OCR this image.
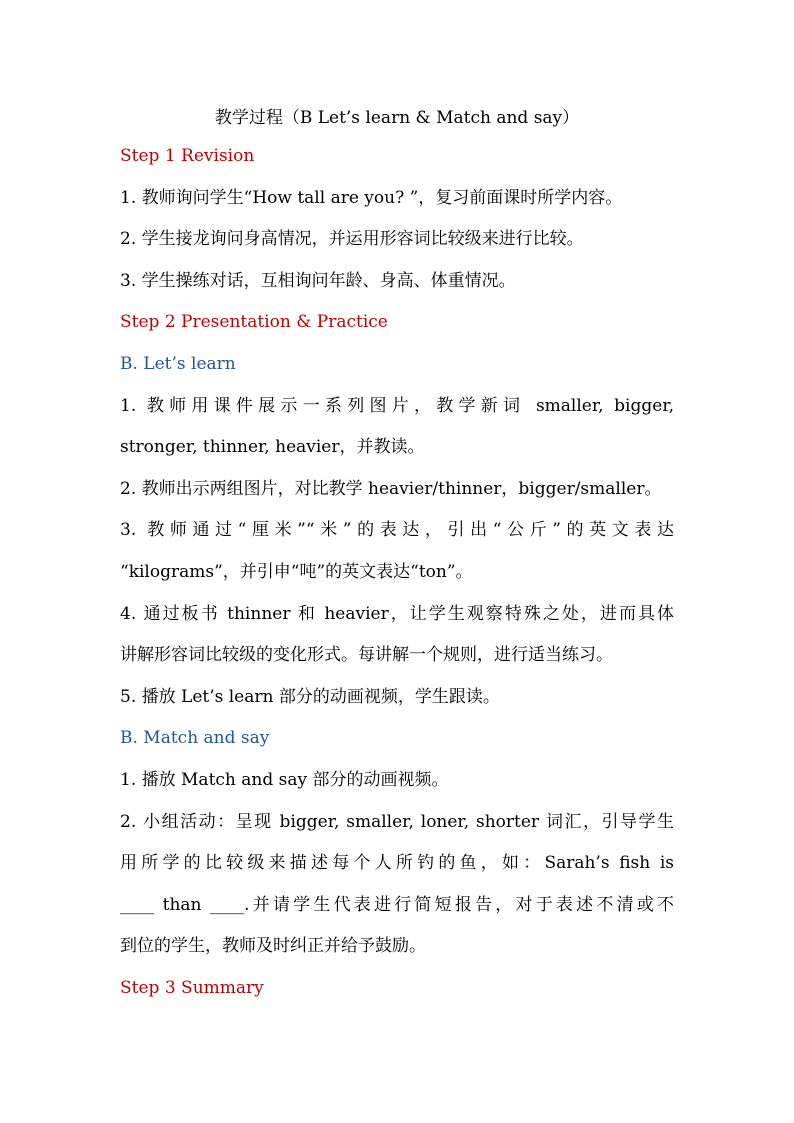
教学过程（B Let’s learn & Match and say）

Step 1 Revision

1. 教师询问学生“How tall are you? ”，复习前面课时所学内容。

2. 学生接龙询问身高情况，并运用形容词比较级来进行比较。

3. 学生操练对话，互相询问年龄、身高、体重情况。

Step 2 Presentation & Practice

B. Let’s learn

1. 教师用课件展示一系列图片，教学新词 smaller, bigger,

stronger, thinner, heavier，并教读。

2. 教师出示两组图片，对比教学 heavier/thinner，bigger/smaller。

3. 教师通过“厘米”“米”的表达，引出“公斤”的英文表达

“kilograms”，并引申“吨”的英文表达“ton”。

4. 通过板书 thinner 和 heavier，让学生观察特殊之处，进而具体

讲解形容词比较级的变化形式。每讲解一个规则，进行适当练习。

5. 播放 Let’s learn 部分的动画视频，学生跟读。

B. Match and say

1. 播放 Match and say 部分的动画视频。

2. 小组活动：呈现 bigger, smaller, loner, shorter 词汇，引导学生

用所学的比较级来描述每个人所钓的鱼，如：Sarah’s fish is

____ than ____.并请学生代表进行简短报告，对于表述不清或不

到位的学生，教师及时纠正并给予鼓励。

Step 3 Summary
